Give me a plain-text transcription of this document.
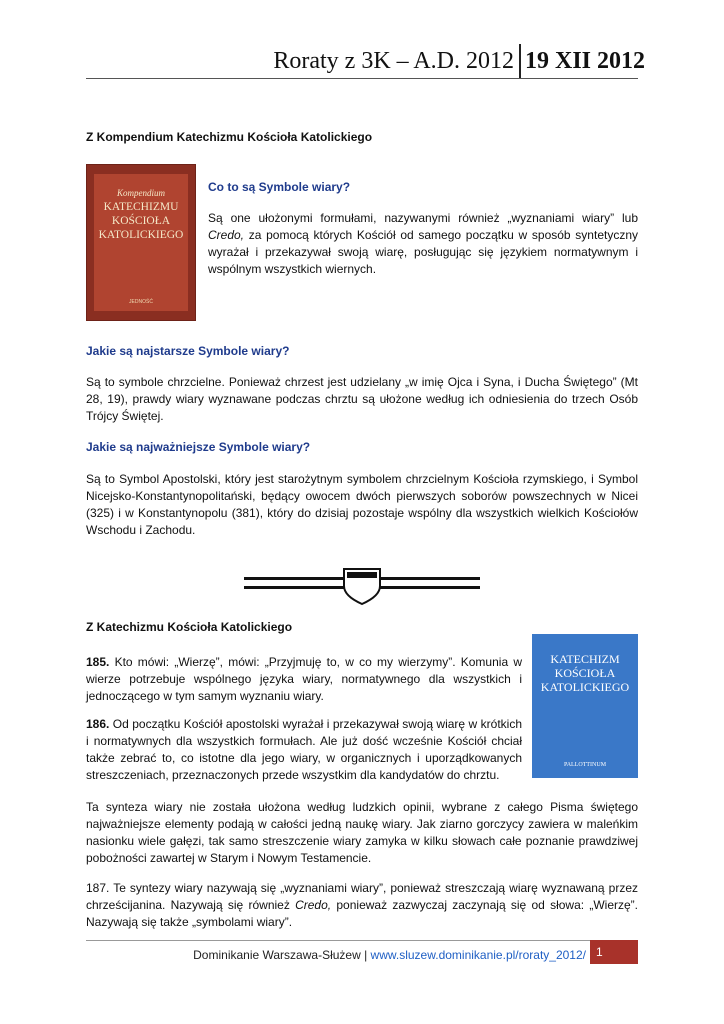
Roraty z 3K – A.D. 2012 19 XII 2012
Z Kompendium Katechizmu Kościoła Katolickiego
Kompendium
KATECHIZMU
KOŚCIOŁA
KATOLICKIEGO
JEDNOŚĆ
Co to są Symbole wiary?
Są one ułożonymi formułami, nazywanymi również „wyznaniami wiary” lub Credo, za pomocą których Kościół od samego początku w sposób syntetyczny wyrażał i przekazywał swoją wiarę, posługując się językiem normatywnym i wspólnym wszystkich wiernych.
Jakie są najstarsze Symbole wiary?
Są to symbole chrzcielne. Ponieważ chrzest jest udzielany „w imię Ojca i Syna, i Ducha Świętego” (Mt 28, 19), prawdy wiary wyznawane podczas chrztu są ułożone według ich odniesienia do trzech Osób Trójcy Świętej.
Jakie są najważniejsze Symbole wiary?
Są to Symbol Apostolski, który jest starożytnym symbolem chrzcielnym Kościoła rzymskiego, i Symbol Nicejsko-Konstantynopolitański, będący owocem dwóch pierwszych soborów powszechnych w Nicei (325) i w Konstantynopolu (381), który do dzisiaj pozostaje wspólny dla wszystkich wielkich Kościołów Wschodu i Zachodu.
Z Katechizmu Kościoła Katolickiego
KATECHIZM
KOŚCIOŁA
KATOLICKIEGO
PALLOTTINUM
185. Kto mówi: „Wierzę”, mówi: „Przyjmuję to, w co my wierzymy”. Komunia w wierze potrzebuje wspólnego języka wiary, normatywnego dla wszystkich i jednoczącego w tym samym wyznaniu wiary.
186. Od początku Kościół apostolski wyrażał i przekazywał swoją wiarę w krótkich i normatywnych dla wszystkich formułach. Ale już dość wcześnie Kościół chciał także zebrać to, co istotne dla jego wiary, w organicznych i uporządkowanych streszczeniach, przeznaczonych przede wszystkim dla kandydatów do chrztu.
Ta synteza wiary nie została ułożona według ludzkich opinii, wybrane z całego Pisma świętego najważniejsze elementy podają w całości jedną naukę wiary. Jak ziarno gorczycy zawiera w maleńkim nasionku wiele gałęzi, tak samo streszczenie wiary zamyka w kilku słowach całe poznanie prawdziwej pobożności zawartej w Starym i Nowym Testamencie.
187. Te syntezy wiary nazywają się „wyznaniami wiary”, ponieważ streszczają wiarę wyznawaną przez chrześcijanina. Nazywają się również Credo, ponieważ zazwyczaj zaczynają się od słowa: „Wierzę”. Nazywają się także „symbolami wiary”.
Dominikanie Warszawa-Służew | www.sluzew.dominikanie.pl/roraty_2012/ 1
